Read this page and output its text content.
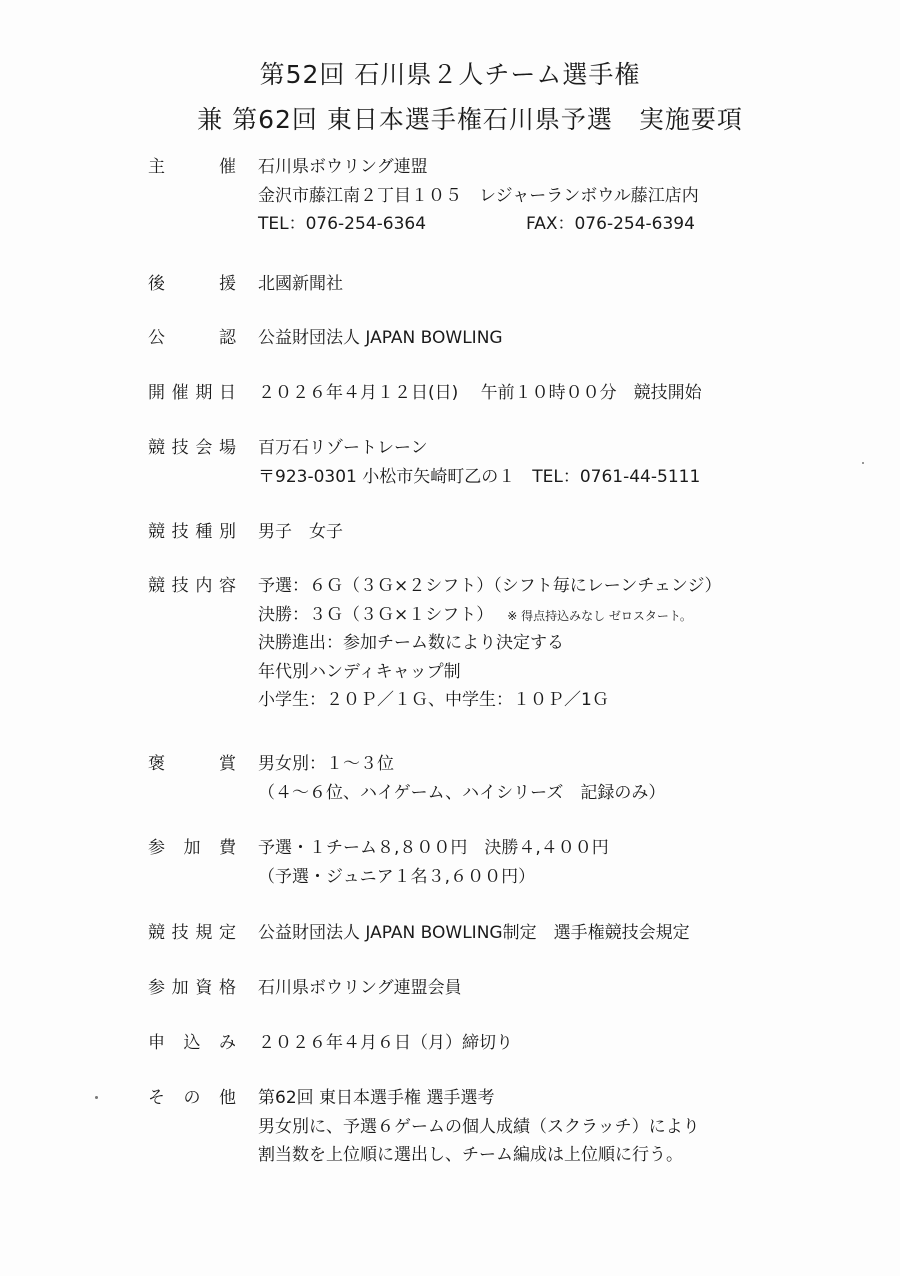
第52回 石川県２人チーム選手権
兼 第62回 東日本選手権石川県予選　実施要項
主	催 石川県ボウリング連盟
金沢市藤江南２丁目１０５　レジャーランボウル藤江店内
TEL：076-254-6364	FAX：076-254-6394
後	援 北國新聞社
公	認 公益財団法人 JAPAN BOWLING
開 催 期 日 ２０２６年４月１２日(日)　 午前１０時００分　競技開始
競 技 会 場 百万石リゾートレーン
〒923-0301 小松市矢崎町乙の１　TEL：0761-44-5111
競 技 種 別 男子　女子
競 技 内 容 予選：６Ｇ（３Ｇ×２シフト）（シフト毎にレーンチェンジ）
決勝：３Ｇ（３Ｇ×１シフト） ※ 得点持込みなし ゼロスタート。
決勝進出：参加チーム数により決定する
年代別ハンディキャップ制
小学生：２０Ｐ／１Ｇ、中学生：１０Ｐ／1Ｇ
褒	賞 男女別：１～３位
（４～６位、ハイゲーム、ハイシリーズ　記録のみ）
参 加 費 予選・１チーム８,８００円　決勝４,４００円
（予選・ジュニア１名３,６００円）
競 技 規 定 公益財団法人 JAPAN BOWLING制定　選手権競技会規定
参 加 資 格 石川県ボウリング連盟会員
申 込 み ２０２６年４月６日（月）締切り
そ の 他 第62回 東日本選手権 選手選考
男女別に、予選６ゲームの個人成績（スクラッチ）により
割当数を上位順に選出し、チーム編成は上位順に行う。
